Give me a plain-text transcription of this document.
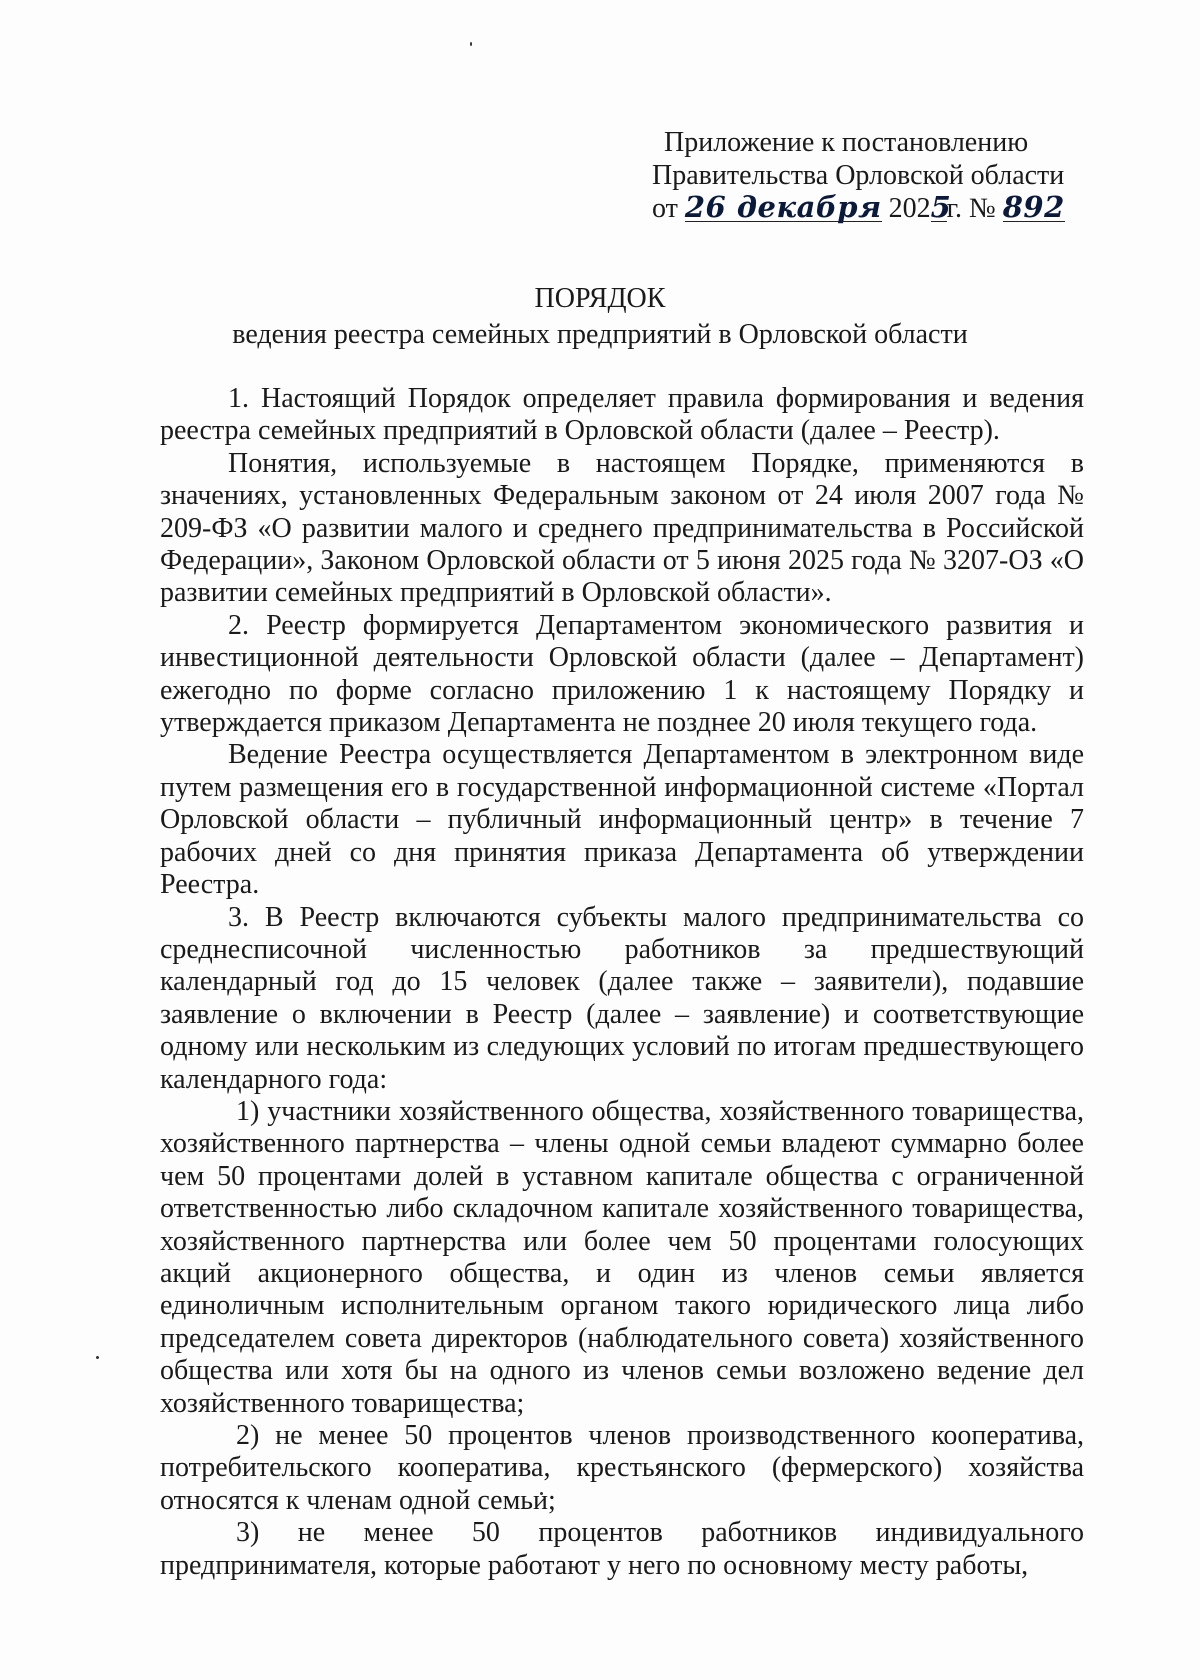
Приложение к постановлению
Правительства Орловской области
от 26 декабря 2025г. № 892
ПОРЯДОК
ведения реестра семейных предприятий в Орловской области

1. Настоящий Порядок определяет правила формирования и ведения реестра семейных предприятий в Орловской области (далее – Реестр).

Понятия, используемые в настоящем Порядке, применяются в значениях, установленных Федеральным законом от 24 июля 2007 года № 209-ФЗ «О развитии малого и среднего предпринимательства в Российской Федерации», Законом Орловской области от 5 июня 2025 года № 3207-ОЗ «О развитии семейных предприятий в Орловской области».

2. Реестр формируется Департаментом экономического развития и инвестиционной деятельности Орловской области (далее – Департамент) ежегодно по форме согласно приложению 1 к настоящему Порядку и утверждается приказом Департамента не позднее 20 июля текущего года.

Ведение Реестра осуществляется Департаментом в электронном виде путем размещения его в государственной информационной системе «Портал Орловской области – публичный информационный центр» в течение 7 рабочих дней со дня принятия приказа Департамента об утверждении Реестра.

3. В Реестр включаются субъекты малого предпринимательства со среднесписочной численностью работников за предшествующий календарный год до 15 человек (далее также – заявители), подавшие заявление о включении в Реестр (далее – заявление) и соответствующие одному или нескольким из следующих условий по итогам предшествующего календарного года:

1) участники хозяйственного общества, хозяйственного товарищества, хозяйственного партнерства – члены одной семьи владеют суммарно более чем 50 процентами долей в уставном капитале общества с ограниченной ответственностью либо складочном капитале хозяйственного товарищества, хозяйственного партнерства или более чем 50 процентами голосующих акций акционерного общества, и один из членов семьи является единоличным исполнительным органом такого юридического лица либо председателем совета директоров (наблюдательного совета) хозяйственного общества или хотя бы на одного из членов семьи возложено ведение дел хозяйственного товарищества;

2) не менее 50 процентов членов производственного кооператива, потребительского кооператива, крестьянского (фермерского) хозяйства относятся к членам одной семьи;

3) не менее 50 процентов работников индивидуального предпринимателя, которые работают у него по основному месту работы,
